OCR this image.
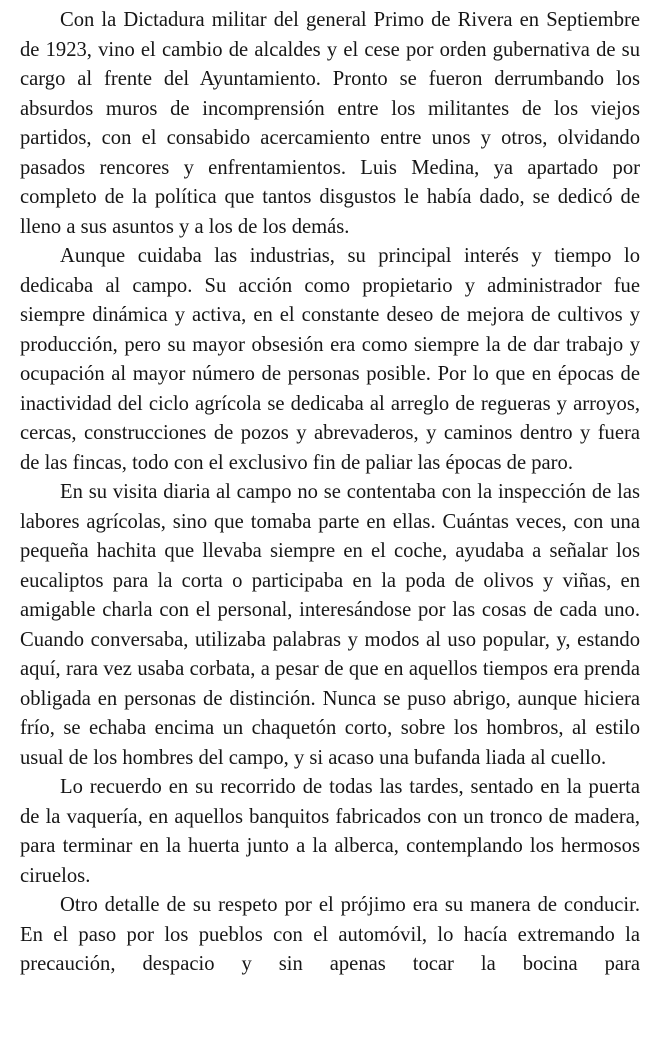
Con la Dictadura militar del general Primo de Rivera en Septiembre de 1923, vino el cambio de alcaldes y el cese por orden gubernativa de su cargo al frente del Ayuntamiento. Pronto se fueron derrumbando los absurdos muros de incomprensión entre los militantes de los viejos partidos, con el consabido acercamiento entre unos y otros, olvidando pasados rencores y enfrentamientos. Luis Medina, ya apartado por completo de la política que tantos disgustos le había dado, se dedicó de lleno a sus asuntos y a los de los demás.

Aunque cuidaba las industrias, su principal interés y tiempo lo dedicaba al campo. Su acción como propietario y administrador fue siempre dinámica y activa, en el constante deseo de mejora de cultivos y producción, pero su mayor obsesión era como siempre la de dar trabajo y ocupación al mayor número de personas posible. Por lo que en épocas de inactividad del ciclo agrícola se dedicaba al arreglo de regueras y arroyos, cercas, construcciones de pozos y abrevaderos, y caminos dentro y fuera de las fincas, todo con el exclusivo fin de paliar las épocas de paro.

En su visita diaria al campo no se contentaba con la inspección de las labores agrícolas, sino que tomaba parte en ellas. Cuántas veces, con una pequeña hachita que llevaba siempre en el coche, ayudaba a señalar los eucaliptos para la corta o participaba en la poda de olivos y viñas, en amigable charla con el personal, interesándose por las cosas de cada uno. Cuando conversaba, utilizaba palabras y modos al uso popular, y, estando aquí, rara vez usaba corbata, a pesar de que en aquellos tiempos era prenda obligada en personas de distinción. Nunca se puso abrigo, aunque hiciera frío, se echaba encima un chaquetón corto, sobre los hombros, al estilo usual de los hombres del campo, y si acaso una bufanda liada al cuello.

Lo recuerdo en su recorrido de todas las tardes, sentado en la puerta de la vaquería, en aquellos banquitos fabricados con un tronco de madera, para terminar en la huerta junto a la alberca, contemplando los hermosos ciruelos.

Otro detalle de su respeto por el prójimo era su manera de conducir. En el paso por los pueblos con el automóvil, lo hacía extremando la precaución, despacio y sin apenas tocar la bocina para
